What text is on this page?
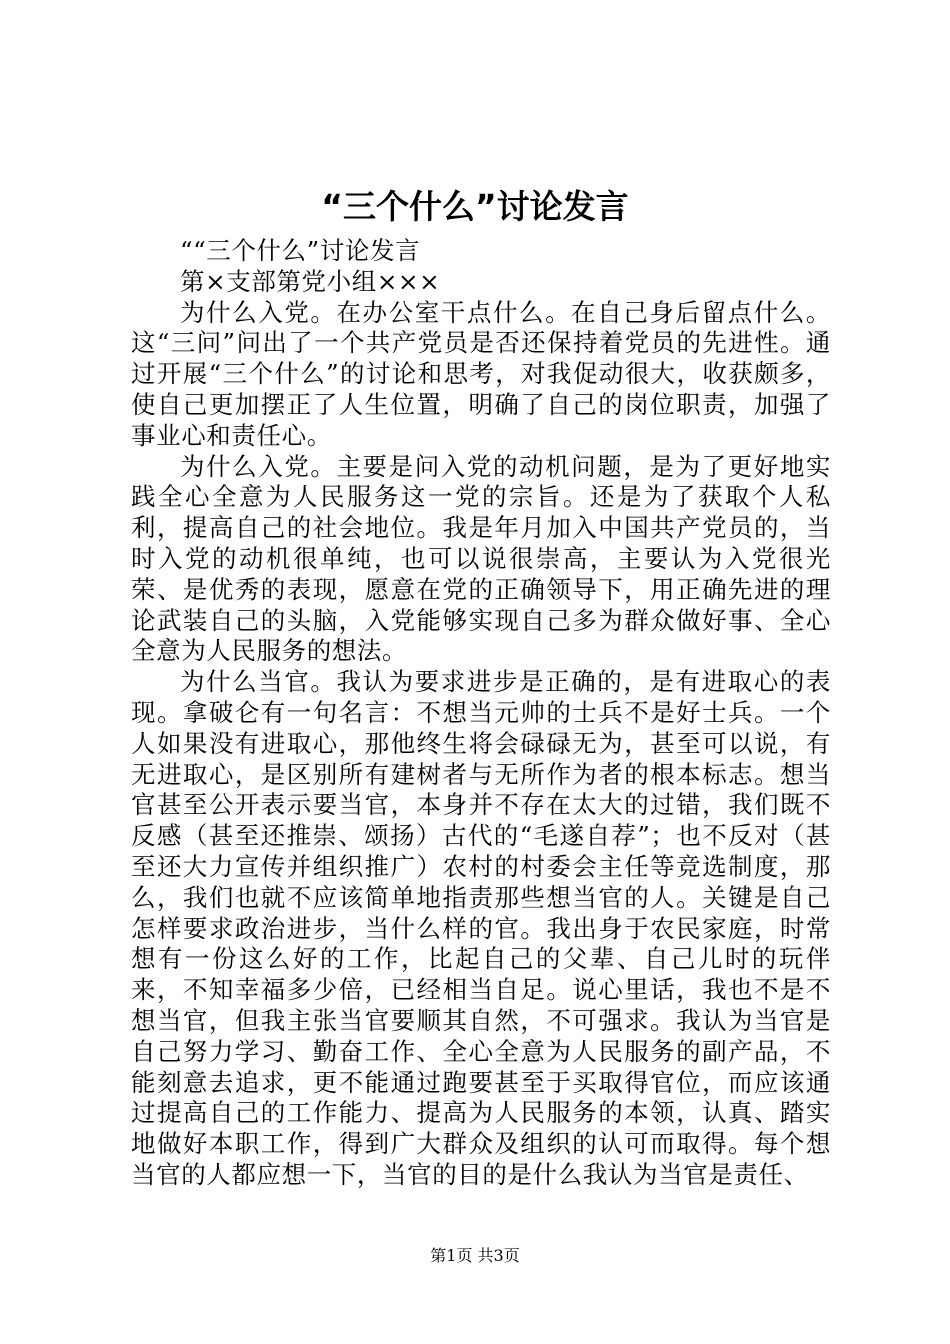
“三个什么”讨论发言

““三个什么”讨论发言

第×支部第党小组×××

为什么入党。在办公室干点什么。在自己身后留点什么。这“三问”问出了一个共产党员是否还保持着党员的先进性。通过开展“三个什么”的讨论和思考，对我促动很大，收获颇多，使自己更加摆正了人生位置，明确了自己的岗位职责，加强了事业心和责任心。

为什么入党。主要是问入党的动机问题，是为了更好地实践全心全意为人民服务这一党的宗旨。还是为了获取个人私利，提高自己的社会地位。我是年月加入中国共产党员的，当时入党的动机很单纯，也可以说很崇高，主要认为入党很光荣、是优秀的表现，愿意在党的正确领导下，用正确先进的理论武装自己的头脑，入党能够实现自己多为群众做好事、全心全意为人民服务的想法。

为什么当官。我认为要求进步是正确的，是有进取心的表现。拿破仑有一句名言：不想当元帅的士兵不是好士兵。一个人如果没有进取心，那他终生将会碌碌无为，甚至可以说，有无进取心，是区别所有建树者与无所作为者的根本标志。想当官甚至公开表示要当官，本身并不存在太大的过错，我们既不反感（甚至还推崇、颂扬）古代的“毛遂自荐”；也不反对（甚至还大力宣传并组织推广）农村的村委会主任等竞选制度，那么，我们也就不应该简单地指责那些想当官的人。关键是自己怎样要求政治进步，当什么样的官。我出身于农民家庭，时常想有一份这么好的工作，比起自己的父辈、自己儿时的玩伴来，不知幸福多少倍，已经相当自足。说心里话，我也不是不想当官，但我主张当官要顺其自然，不可强求。我认为当官是自己努力学习、勤奋工作、全心全意为人民服务的副产品，不能刻意去追求，更不能通过跑要甚至于买取得官位，而应该通过提高自己的工作能力、提高为人民服务的本领，认真、踏实地做好本职工作，得到广大群众及组织的认可而取得。每个想当官的人都应想一下，当官的目的是什么我认为当官是责任、

第1页 共3页
